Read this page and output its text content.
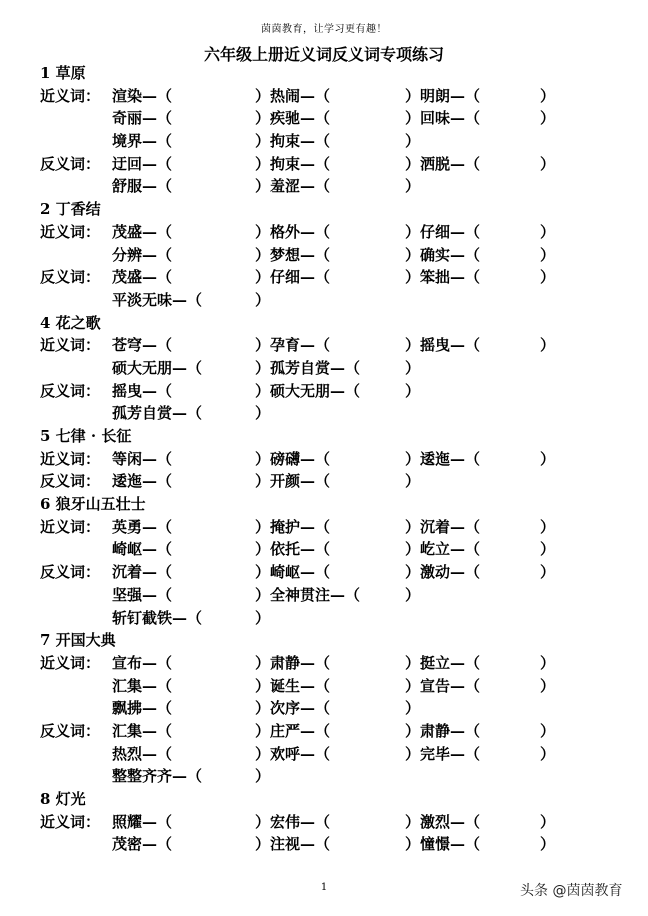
茵茵教育，让学习更有趣！
六年级上册近义词反义词专项练习
1 草原
近义词： 渲染—（	）热闹—（	）明朗—（	）
奇丽—（	）疾驰—（	）回味—（	）
境界—（	）拘束—（	）
反义词： 迂回—（	）拘束—（	）洒脱—（	）
舒服—（	）羞涩—（	）
2 丁香结
近义词： 茂盛—（	）格外—（	）仔细—（	）
分辨—（	）梦想—（	）确实—（	）
反义词： 茂盛—（	）仔细—（	）笨拙—（	）
平淡无味—（	）
4 花之歌
近义词： 苍穹—（	）孕育—（	）摇曳—（	）
硕大无朋—（	）孤芳自赏—（	）
反义词： 摇曳—（	）硕大无朋—（	）
孤芳自赏—（	）
5 七律 · 长征
近义词： 等闲—（	）磅礴—（	）逶迤—（	）
反义词： 逶迤—（	）开颜—（	）
6 狼牙山五壮士
近义词： 英勇—（	）掩护—（	）沉着—（	）
崎岖—（	）依托—（	）屹立—（	）
反义词： 沉着—（	）崎岖—（	）激动—（	）
坚强—（	）全神贯注—（	）
斩钉截铁—（	）
7 开国大典
近义词： 宣布—（	）肃静—（	）挺立—（	）
汇集—（	）诞生—（	）宣告—（	）
飘拂—（	）次序—（	）
反义词： 汇集—（	）庄严—（	）肃静—（	）
热烈—（	）欢呼—（	）完毕—（	）
整整齐齐—（	）
8 灯光
近义词： 照耀—（	）宏伟—（	）激烈—（	）
茂密—（	）注视—（	）憧憬—（	）
1	头条 @茵茵教育
